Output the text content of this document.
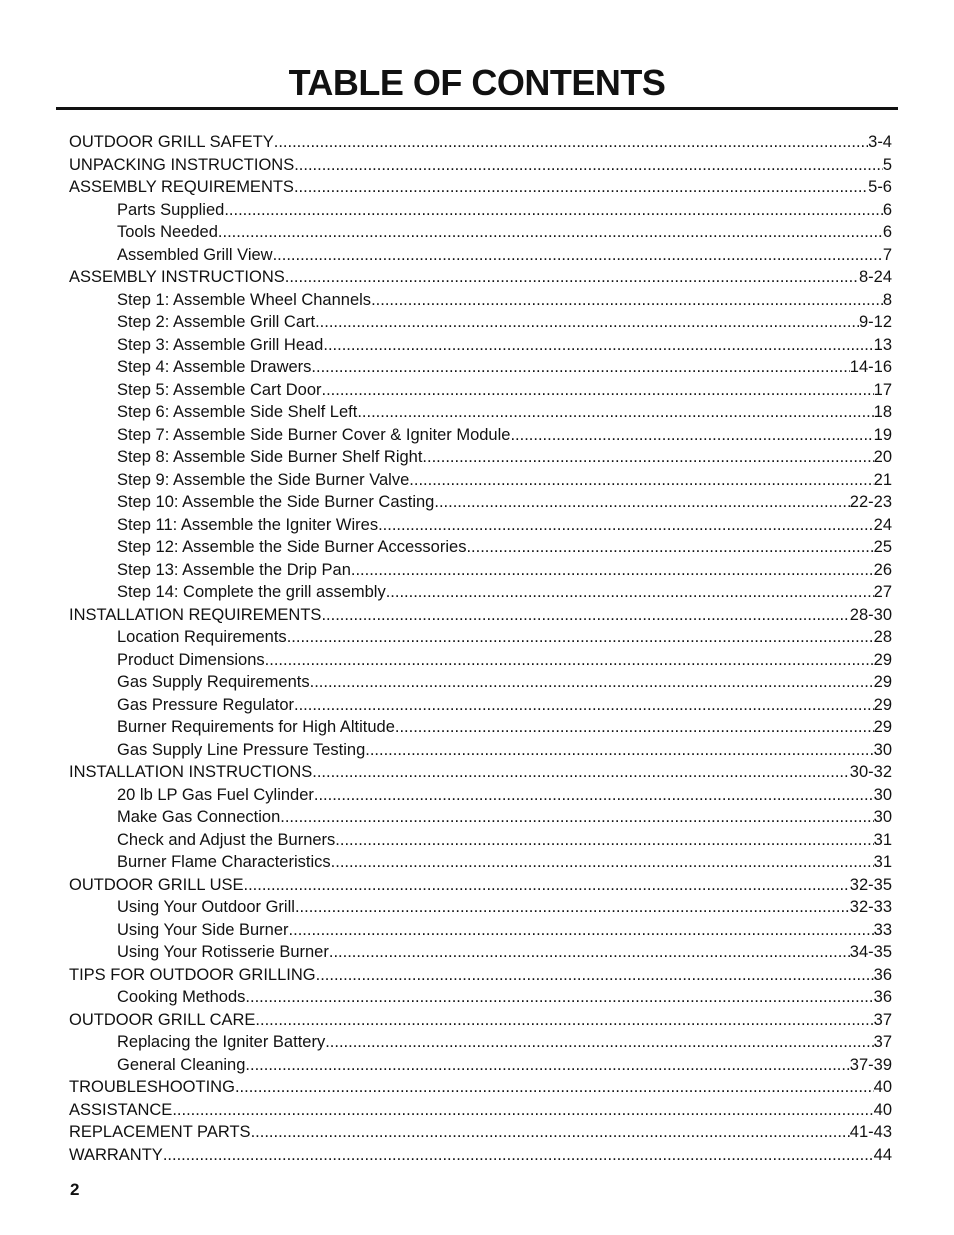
TABLE OF CONTENTS
OUTDOOR GRILL SAFETY .....	3-4
UNPACKING INSTRUCTIONS .....	5
ASSEMBLY REQUIREMENTS .....	5-6
Parts Supplied .....	6
Tools Needed .....	6
Assembled Grill View .....	7
ASSEMBLY INSTRUCTIONS .....	8-24
Step 1: Assemble Wheel Channels .....	8
Step 2: Assemble Grill Cart .....	9-12
Step 3: Assemble Grill Head .....	13
Step 4: Assemble Drawers .....	14-16
Step 5: Assemble Cart Door .....	17
Step 6: Assemble Side Shelf Left .....	18
Step 7: Assemble Side Burner Cover & Igniter Module .....	19
Step 8: Assemble Side Burner Shelf Right .....	20
Step 9: Assemble the Side Burner Valve .....	21
Step 10: Assemble the Side Burner Casting .....	22-23
Step 11: Assemble the Igniter Wires .....	24
Step 12: Assemble the Side Burner Accessories .....	25
Step 13: Assemble the Drip Pan .....	26
Step 14: Complete the grill assembly .....	27
INSTALLATION REQUIREMENTS .....	28-30
Location Requirements .....	28
Product Dimensions .....	29
Gas Supply Requirements .....	29
Gas Pressure Regulator .....	29
Burner Requirements for High Altitude .....	29
Gas Supply Line Pressure Testing .....	30
INSTALLATION INSTRUCTIONS .....	30-32
20 lb LP Gas Fuel Cylinder .....	30
Make Gas Connection .....	30
Check and Adjust the Burners .....	31
Burner Flame Characteristics .....	31
OUTDOOR GRILL USE .....	32-35
Using Your Outdoor Grill .....	32-33
Using Your Side Burner .....	33
Using Your Rotisserie Burner .....	34-35
TIPS FOR OUTDOOR GRILLING .....	36
Cooking Methods .....	36
OUTDOOR GRILL CARE .....	37
Replacing the Igniter Battery .....	37
General Cleaning .....	37-39
TROUBLESHOOTING .....	40
ASSISTANCE .....	40
REPLACEMENT PARTS .....	41-43
WARRANTY .....	44
2
